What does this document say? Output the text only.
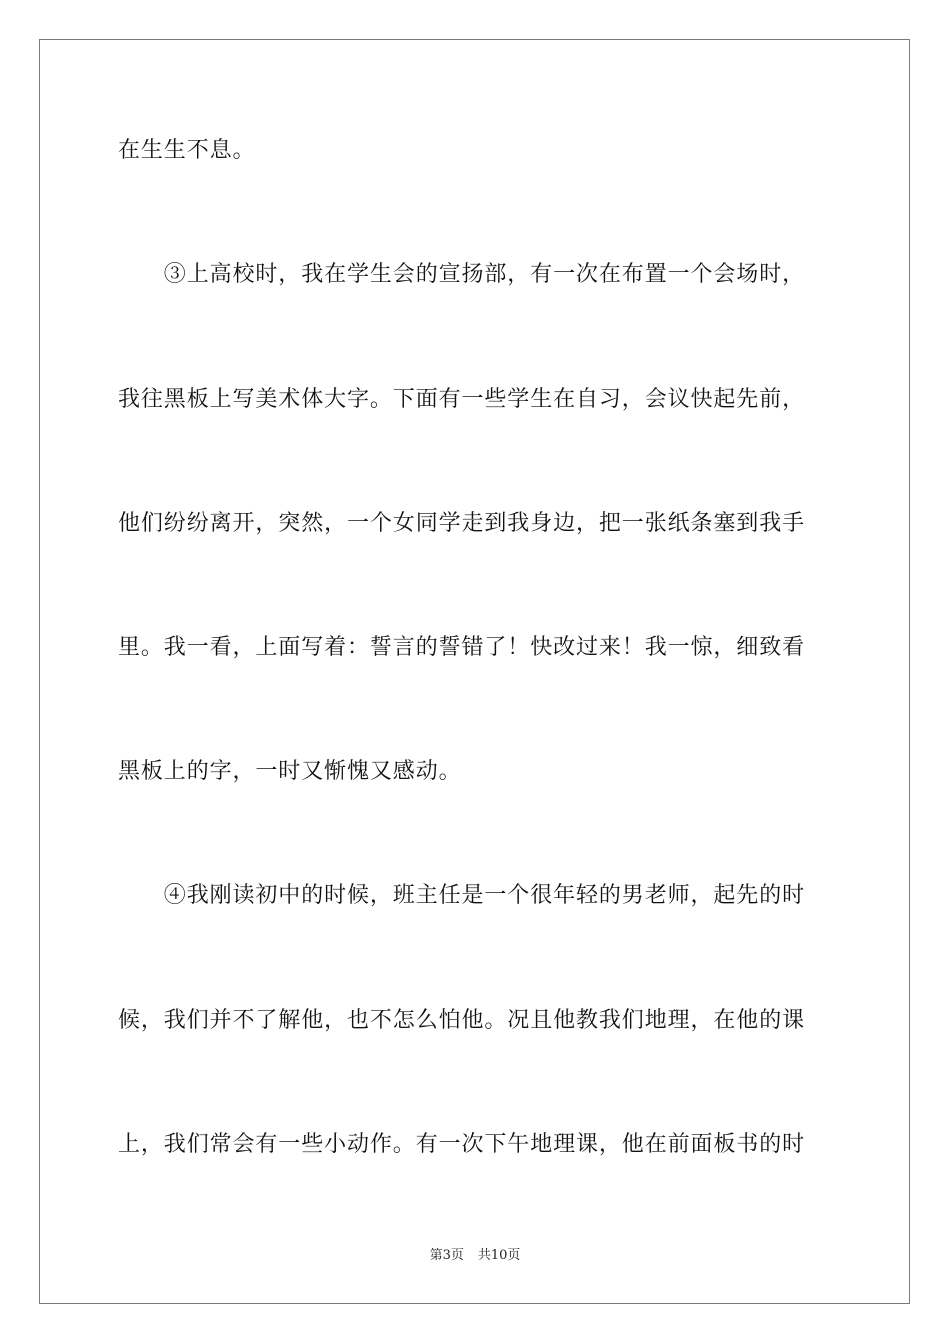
在生生不息。
　　③上高校时，我在学生会的宣扬部，有一次在布置一个会场时，
我往黑板上写美术体大字。下面有一些学生在自习，会议快起先前，
他们纷纷离开，突然，一个女同学走到我身边，把一张纸条塞到我手
里。我一看，上面写着：誓言的誓错了！快改过来！我一惊，细致看
黑板上的字，一时又惭愧又感动。
　　④我刚读初中的时候，班主任是一个很年轻的男老师，起先的时
候，我们并不了解他，也不怎么怕他。况且他教我们地理，在他的课
上，我们常会有一些小动作。有一次下午地理课，他在前面板书的时
第3页 共10页
